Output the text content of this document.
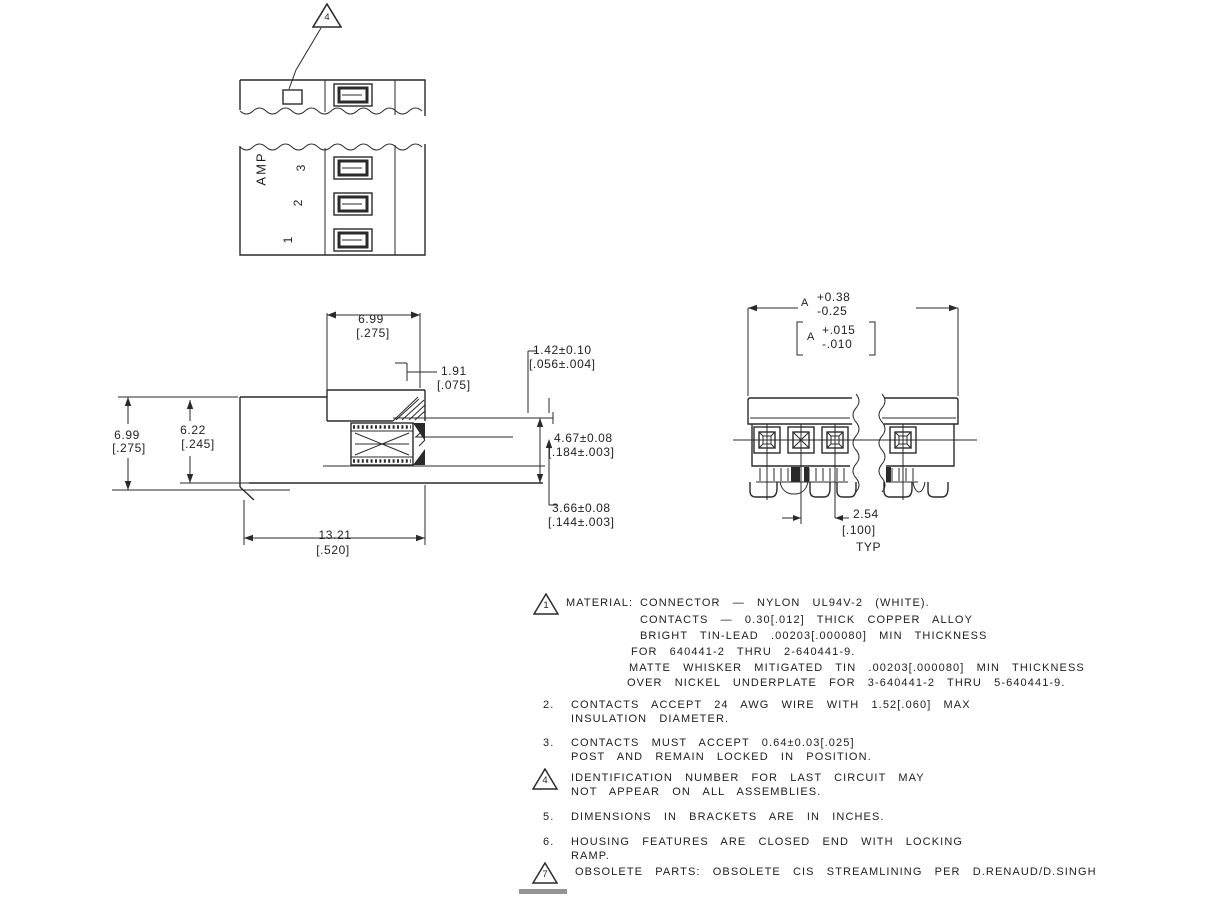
4
AMP 3
2
1
6.99
[.275]
1.91
[.075]
1.42±0.10
[.056±.004]
6.99
[.275]
6.22
[.245]	4.67±0.08
[.184±.003]
3.66±0.08
[.144±.003]
13.21
[.520]
A +0.38
-0.25
A +.015
-.010
2.54
[.100]
TYP
1	MATERIAL: CONNECTOR — NYLON UL94V-2 (WHITE).
CONTACTS — 0.30[.012] THICK COPPER ALLOY
BRIGHT TIN-LEAD .00203[.000080] MIN THICKNESS
FOR 640441-2 THRU 2-640441-9.
MATTE WHISKER MITIGATED TIN .00203[.000080] MIN THICKNESS
OVER NICKEL UNDERPLATE FOR 3-640441-2 THRU 5-640441-9.
2. CONTACTS ACCEPT 24 AWG WIRE WITH 1.52[.060] MAX
INSULATION DIAMETER.
3. CONTACTS MUST ACCEPT 0.64±0.03[.025]
POST AND REMAIN LOCKED IN POSITION.
4	IDENTIFICATION NUMBER FOR LAST CIRCUIT MAY
NOT APPEAR ON ALL ASSEMBLIES.
5. DIMENSIONS IN BRACKETS ARE IN INCHES.
6. HOUSING FEATURES ARE CLOSED END WITH LOCKING
RAMP.
7	OBSOLETE PARTS: OBSOLETE CIS STREAMLINING PER D.RENAUD/D.SINGH
